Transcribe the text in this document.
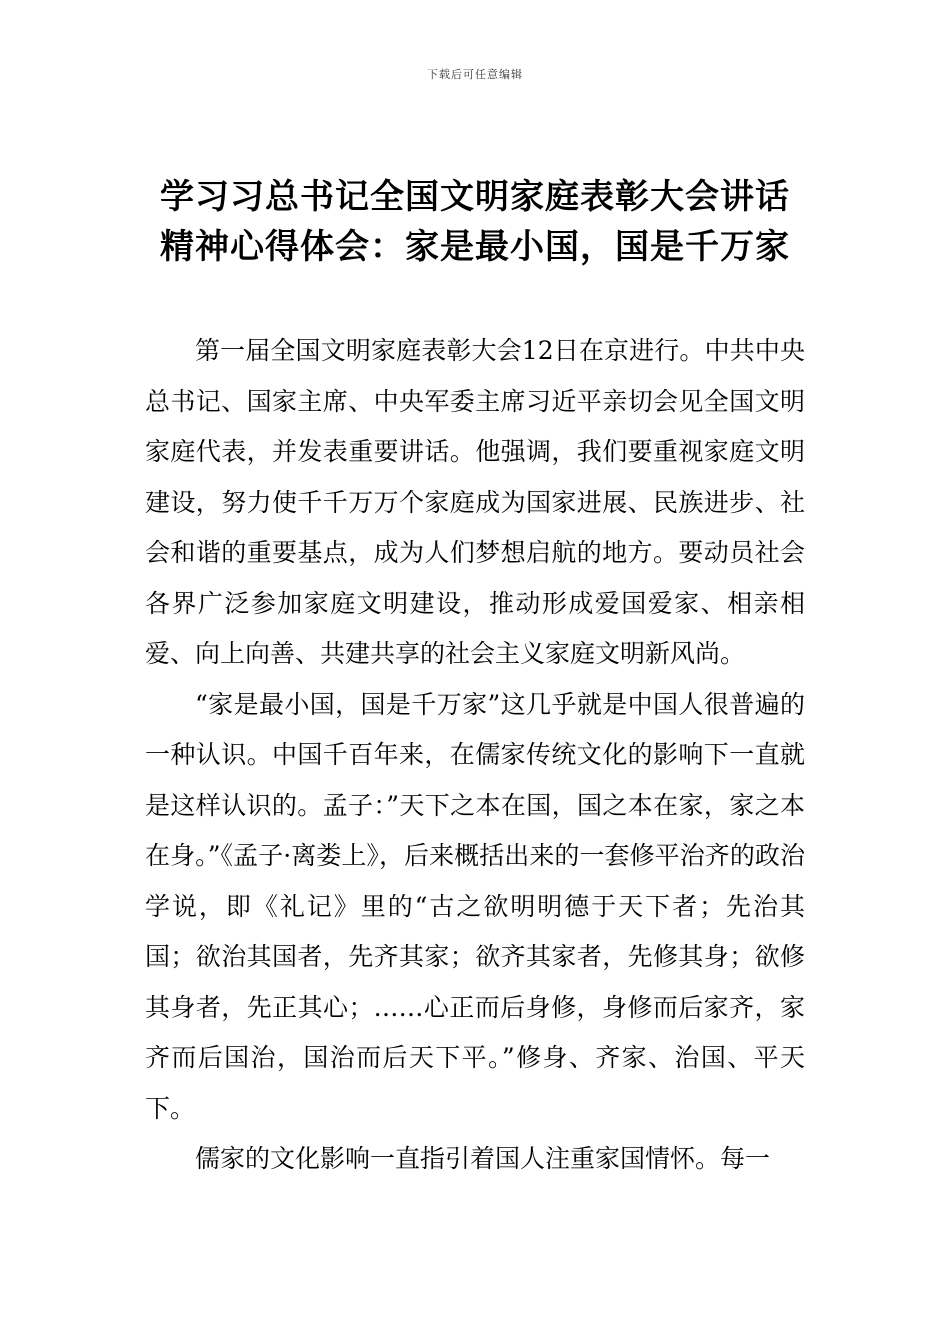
下载后可任意编辑
学习习总书记全国文明家庭表彰大会讲话
精神心得体会：家是最小国，国是千万家

第一届全国文明家庭表彰大会12日在京进行。中共中央总书记、国家主席、中央军委主席习近平亲切会见全国文明家庭代表，并发表重要讲话。他强调，我们要重视家庭文明建设，努力使千千万万个家庭成为国家进展、民族进步、社会和谐的重要基点，成为人们梦想启航的地方。要动员社会各界广泛参加家庭文明建设，推动形成爱国爱家、相亲相爱、向上向善、共建共享的社会主义家庭文明新风尚。

“家是最小国，国是千万家”这几乎就是中国人很普遍的一种认识。中国千百年来，在儒家传统文化的影响下一直就是这样认识的。孟子：”天下之本在国，国之本在家，家之本在身。”《孟子·离娄上》，后来概括出来的一套修平治齐的政治学说，即《礼记》里的“古之欲明明德于天下者；先治其国；欲治其国者，先齐其家；欲齐其家者，先修其身；欲修其身者，先正其心；……心正而后身修，身修而后家齐，家齐而后国治，国治而后天下平。”修身、齐家、治国、平天下。

儒家的文化影响一直指引着国人注重家国情怀。每一
